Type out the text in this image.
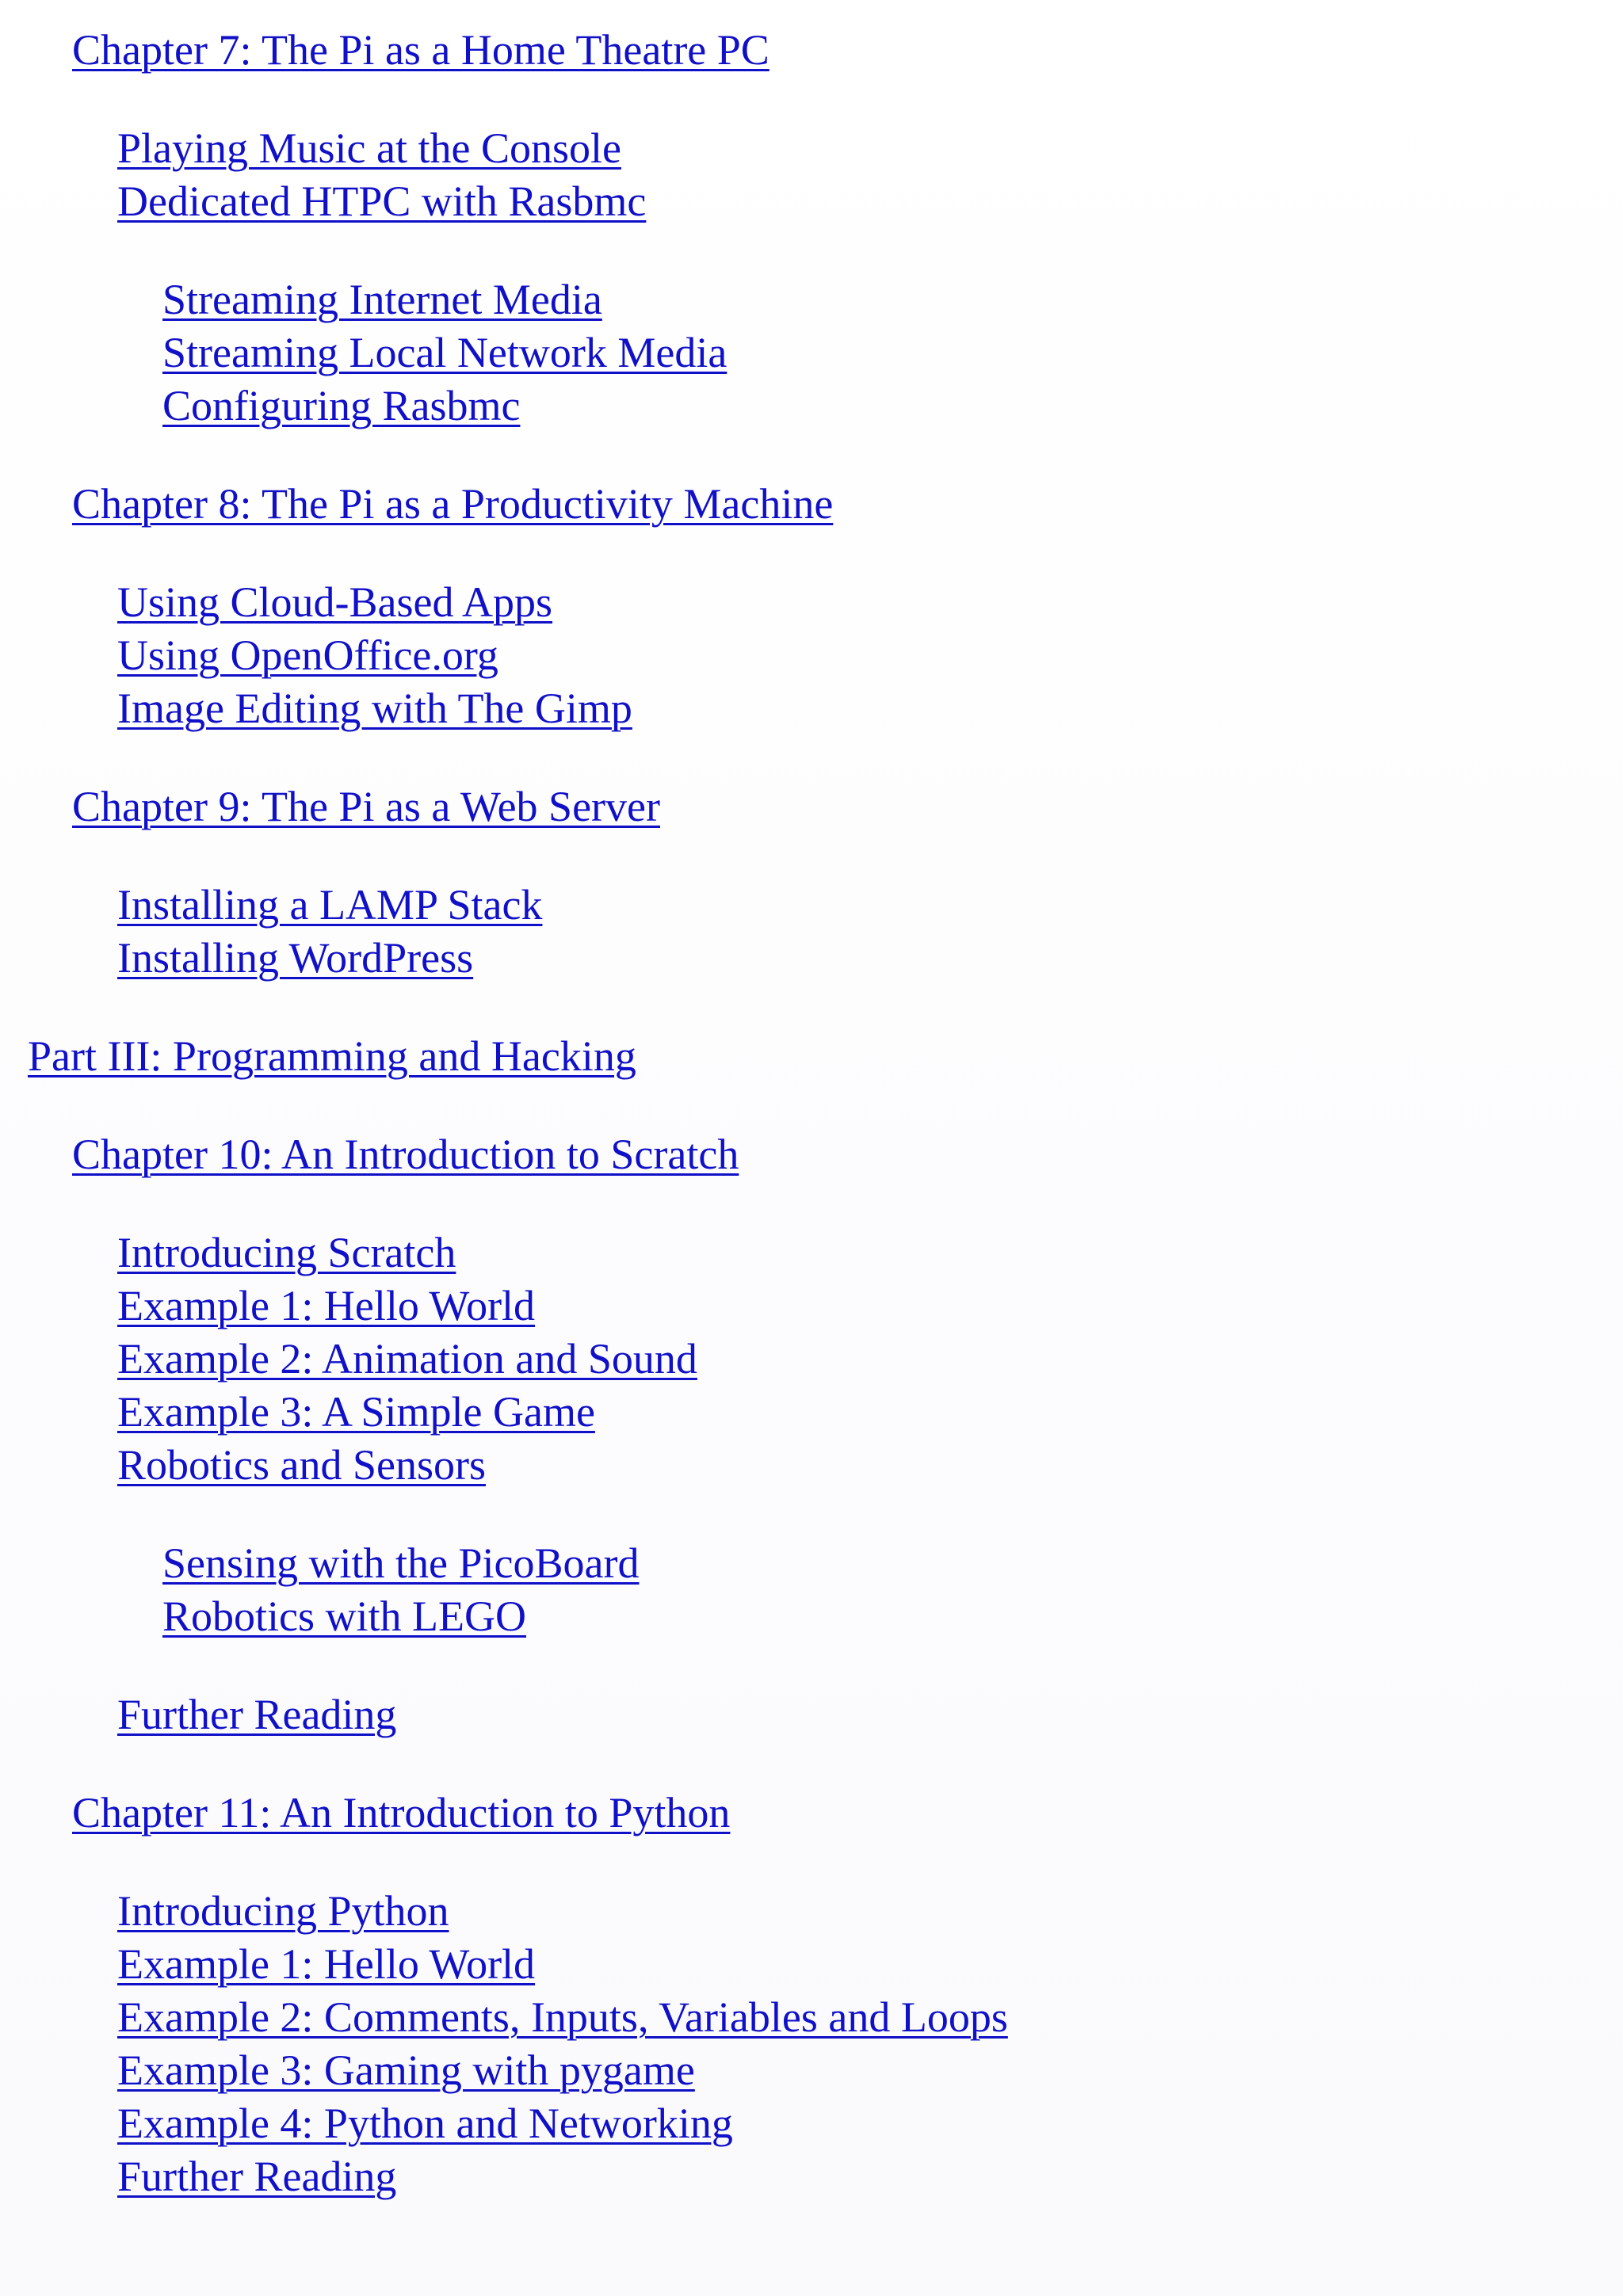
Chapter 7: The Pi as a Home Theatre PC
Playing Music at the Console
Dedicated HTPC with Rasbmc
Streaming Internet Media
Streaming Local Network Media
Configuring Rasbmc
Chapter 8: The Pi as a Productivity Machine
Using Cloud-Based Apps
Using OpenOffice.org
Image Editing with The Gimp
Chapter 9: The Pi as a Web Server
Installing a LAMP Stack
Installing WordPress
Part III: Programming and Hacking
Chapter 10: An Introduction to Scratch
Introducing Scratch
Example 1: Hello World
Example 2: Animation and Sound
Example 3: A Simple Game
Robotics and Sensors
Sensing with the PicoBoard
Robotics with LEGO
Further Reading
Chapter 11: An Introduction to Python
Introducing Python
Example 1: Hello World
Example 2: Comments, Inputs, Variables and Loops
Example 3: Gaming with pygame
Example 4: Python and Networking
Further Reading
